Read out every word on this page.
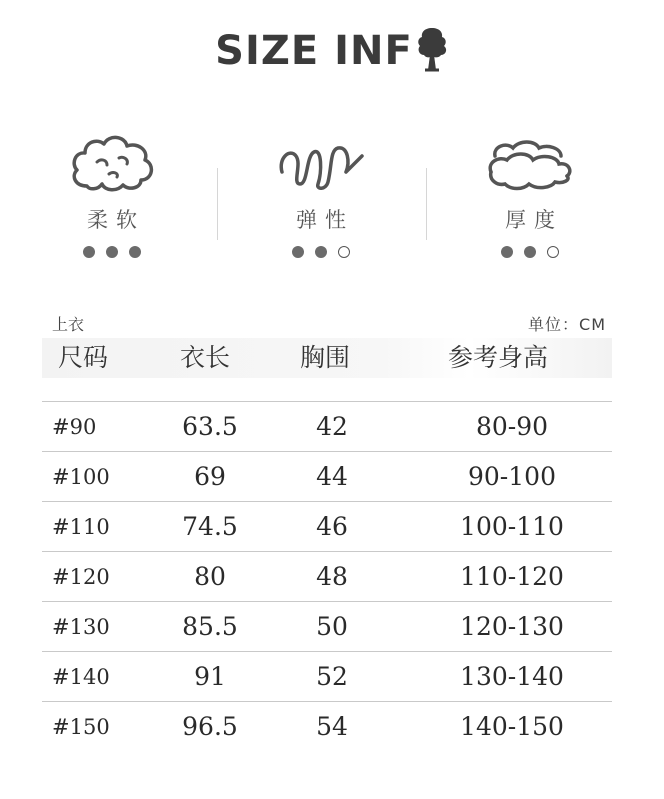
SIZE INF
柔软	弹性	厚度
上衣	单位：CM
尺码	衣长	胸围	参考身高
#90	63.5	42	80-90
#100	69	44	90-100
#110	74.5	46	100-110
#120	80	48	110-120
#130	85.5	50	120-130
#140	91	52	130-140
#150	96.5	54	140-150
